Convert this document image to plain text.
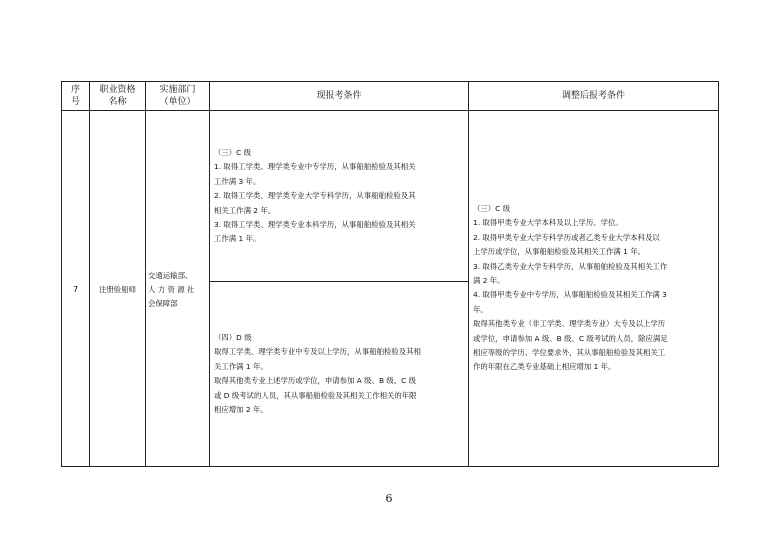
序
号
职业资格
名称
实施部门
（单位）
现报考条件	调整后报考条件
7	注册验船师
交通运输部、
人 力 资 源 社
会保障部
（三）C 级
1. 取得工学类、理学类专业中专学历，从事船舶检验及其相关
工作满 3 年。
2. 取得工学类、理学类专业大学专科学历，从事船舶检验及其
相关工作满 2 年。
3. 取得工学类、理学类专业本科学历，从事船舶检验及其相关
工作满 1 年。
（四）D 级
取得工学类、理学类专业中专及以上学历，从事船舶检验及其相
关工作满 1 年。
取得其他类专业上述学历或学位，申请参加 A 级、B 级、C 级
或 D 级考试的人员，其从事船舶检验及其相关工作相关的年限
相应增加 2 年。
（三）C 级
1. 取得甲类专业大学本科及以上学历、学位。
2. 取得甲类专业大学专科学历或者乙类专业大学本科及以
上学历或学位，从事船舶检验及其相关工作满 1 年。
3. 取得乙类专业大学专科学历，从事船舶检验及其相关工作
满 2 年。
4. 取得甲类专业中专学历，从事船舶检验及其相关工作满 3
年。
取得其他类专业（非工学类、理学类专业）大专及以上学历
或学位，申请参加 A 级、B 级、C 级考试的人员，除应满足
相应等级的学历、学位要求外，其从事船舶检验及其相关工
作的年限在乙类专业基础上相应增加 1 年。
6
